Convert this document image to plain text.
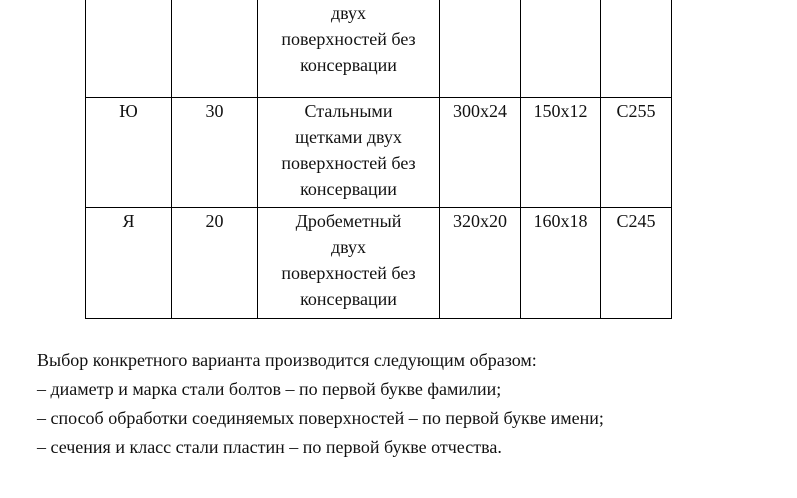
		двух
поверхностей без
консервации			

Ю	30	Стальными
щетками двух
поверхностей без
консервации	300х24	150х12	С255
Я	20	Дробеметный
двух
поверхностей без
консервации	320х20	160х18	С245

Выбор конкретного варианта производится следующим образом:

– диаметр и марка стали болтов – по первой букве фамилии;

– способ обработки соединяемых поверхностей – по первой букве имени;

– сечения и класс стали пластин – по первой букве отчества.
